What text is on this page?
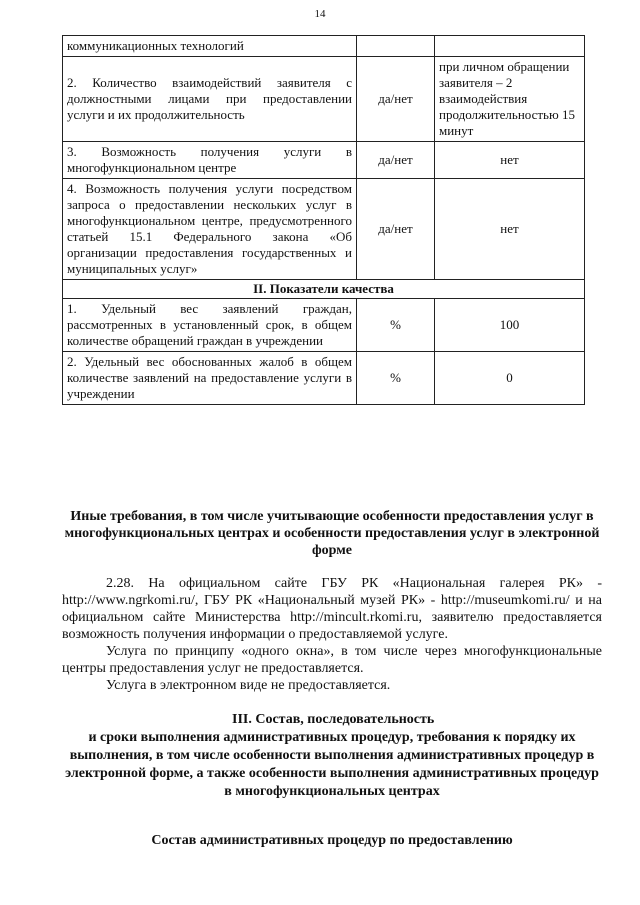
14
коммуникационных технологий		
2. Количество взаимодействий заявителя с должностными лицами при предоставлении услуги и их продолжительность	да/нет	при личном обращении заявителя – 2 взаимодействия продолжительностью 15 минут
3. Возможность получения услуги в многофункциональном центре	да/нет	нет
4. Возможность получения услуги посредством запроса о предоставлении нескольких услуг в многофункциональном центре, предусмотренного статьей 15.1 Федерального закона «Об организации предоставления государственных и муниципальных услуг»	да/нет	нет
II. Показатели качества		
1. Удельный вес заявлений граждан, рассмотренных в установленный срок, в общем количестве обращений граждан в учреждении	%	100
2. Удельный вес обоснованных жалоб в общем количестве заявлений на предоставление услуги в учреждении	%	0
Иные требования, в том числе учитывающие особенности предоставления услуг в многофункциональных центрах и особенности предоставления услуг в электронной форме

2.28. На официальном сайте ГБУ РК «Национальная галерея РК» - http://www.ngrkomi.ru/, ГБУ РК «Национальный музей РК» - http://museumkomi.ru/ и на официальном сайте Министерства http://mincult.rkomi.ru, заявителю предоставляется возможность получения информации о предоставляемой услуге.

Услуга по принципу «одного окна», в том числе через многофункциональные центры предоставления услуг не предоставляется.

Услуга в электронном виде не предоставляется.

III. Состав, последовательность
и сроки выполнения административных процедур, требования к порядку их выполнения, в том числе особенности выполнения административных процедур в электронной форме, а также особенности выполнения административных процедур в многофункциональных центрах
Состав административных процедур по предоставлению
